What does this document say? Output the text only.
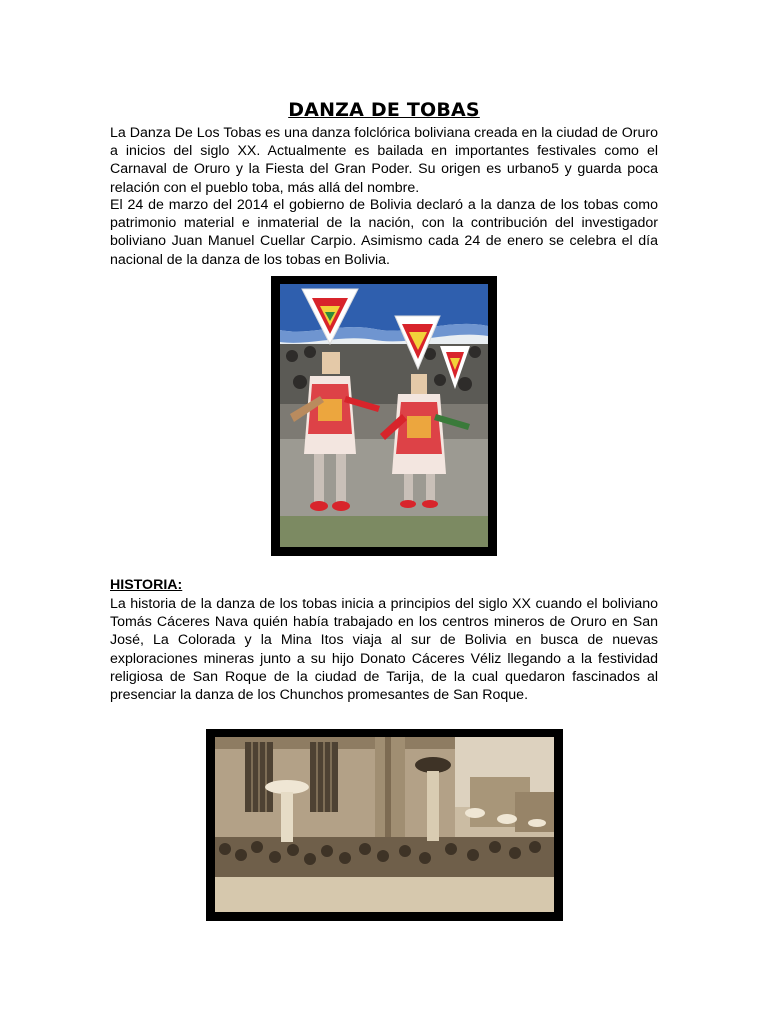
DANZA DE TOBAS

La Danza De Los Tobas es una danza folclórica boliviana creada en la ciudad de Oruro a inicios del siglo XX. Actualmente es bailada en importantes festivales como el Carnaval de Oruro y la Fiesta del Gran Poder. Su origen es urbano5 y guarda poca relación con el pueblo toba, más allá del nombre.

El 24 de marzo del 2014 el gobierno de Bolivia declaró a la danza de los tobas como patrimonio material e inmaterial de la nación, con la contribución del investigador boliviano Juan Manuel Cuellar Carpio. Asimismo cada 24 de enero se celebra el día nacional de la danza de los tobas en Bolivia.

HISTORIA:

La historia de la danza de los tobas inicia a principios del siglo XX cuando el boliviano Tomás Cáceres Nava quién había trabajado en los centros mineros de Oruro en San José, La Colorada y la Mina Itos viaja al sur de Bolivia en busca de nuevas exploraciones mineras junto a su hijo Donato Cáceres Véliz llegando a la festividad religiosa de San Roque de la ciudad de Tarija, de la cual quedaron fascinados al presenciar la danza de los Chunchos promesantes de San Roque.
